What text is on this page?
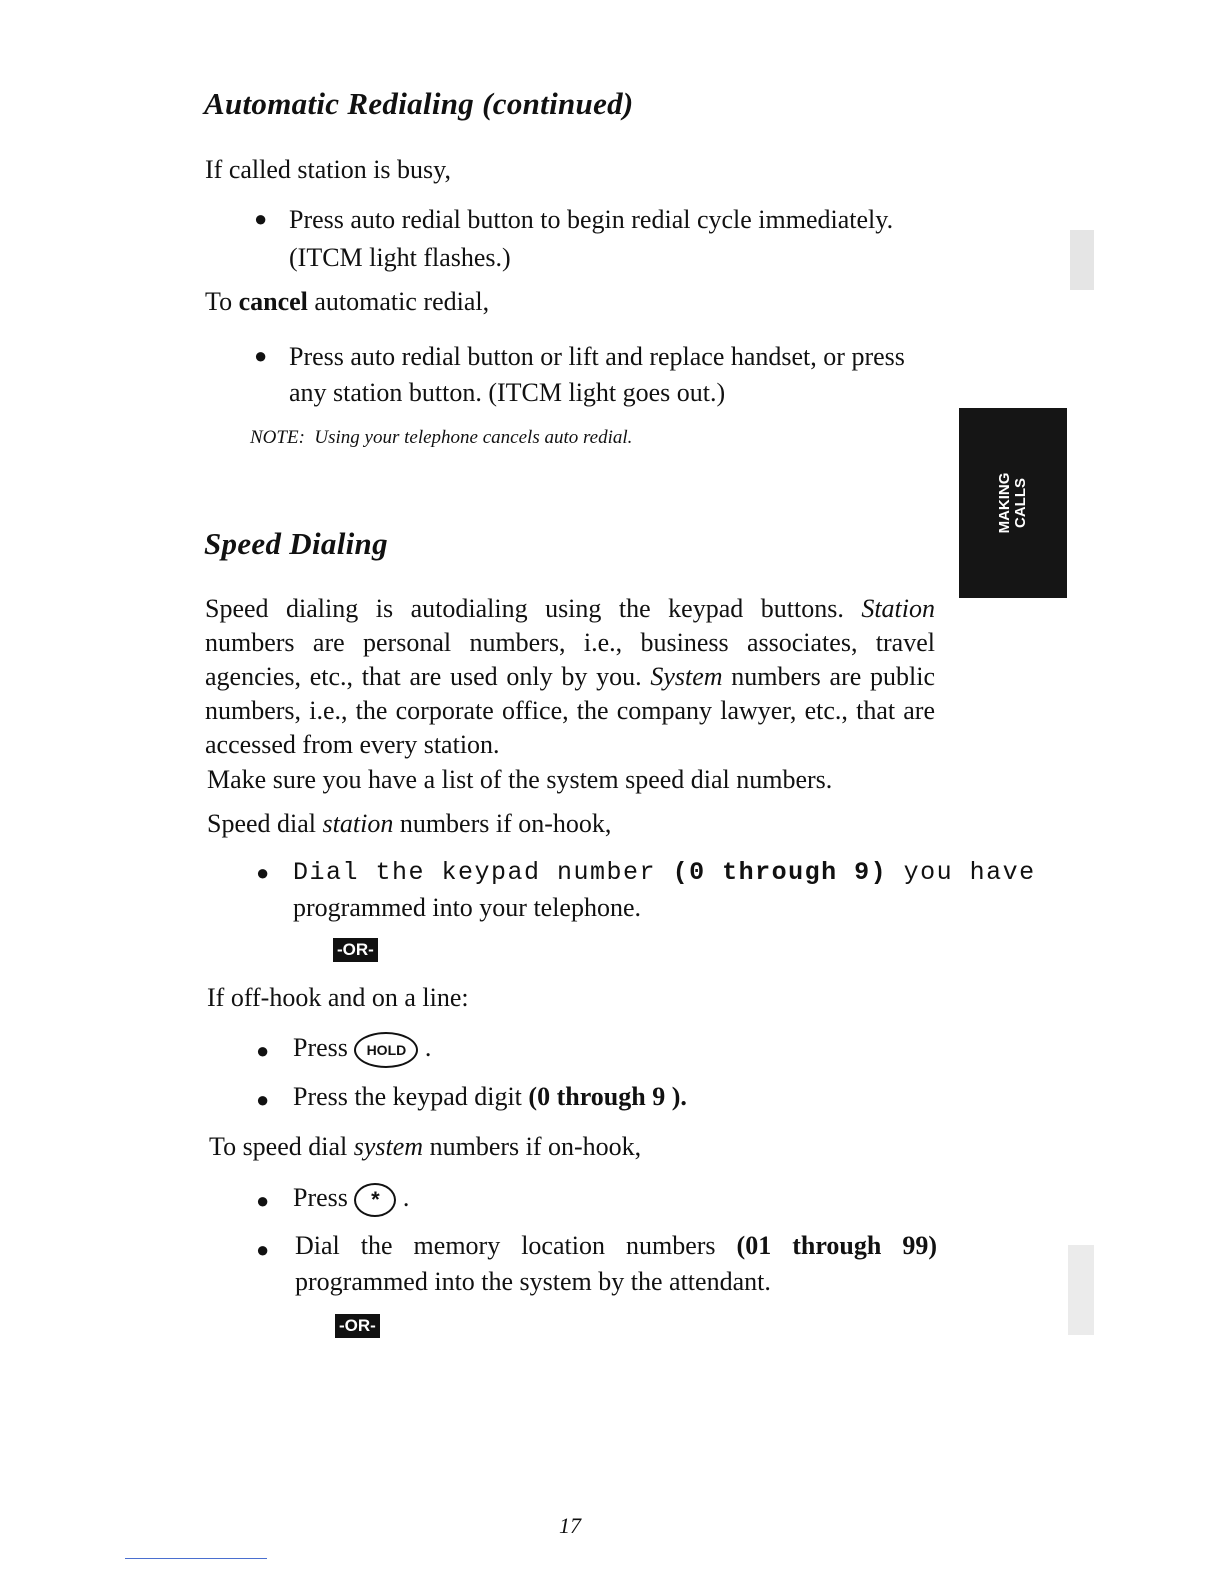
Automatic Redialing (continued)
If called station is busy,
● Press auto redial button to begin redial cycle immediately.
(ITCM light flashes.)
To cancel automatic redial,
● Press auto redial button or lift and replace handset, or press
any station button. (ITCM light goes out.)
NOTE: Using your telephone cancels auto redial.
MAKING CALLS
Speed Dialing
Speed dialing is autodialing using the keypad buttons. Station numbers are personal numbers, i.e., business associates, travel agencies, etc., that are used only by you. System numbers are public numbers, i.e., the corporate office, the company lawyer, etc., that are accessed from every station.
Make sure you have a list of the system speed dial numbers.
Speed dial station numbers if on-hook,
● Dial the keypad number (0 through 9) you have
programmed into your telephone.
-OR-
If off-hook and on a line:
● Press HOLD .
● Press the keypad digit (0 through 9 ).
To speed dial system numbers if on-hook,
● Press * .
● Dial the memory location numbers (01 through 99)
programmed into the system by the attendant.
-OR-
17
